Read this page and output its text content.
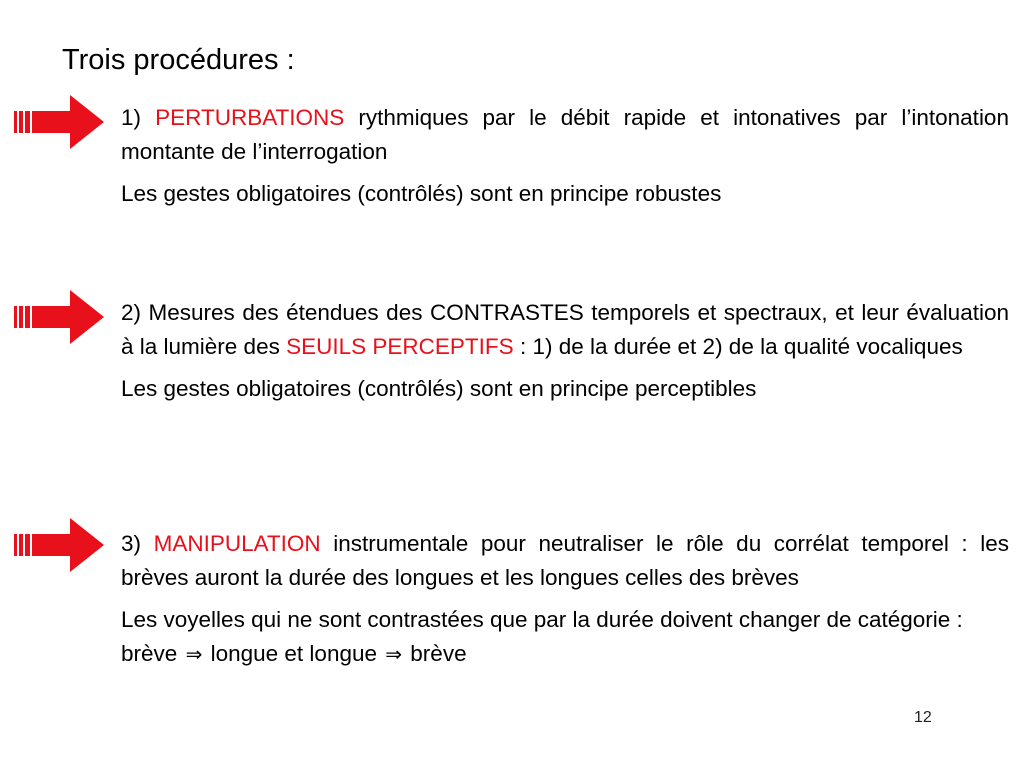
Trois procédures :

1) PERTURBATIONS rythmiques par le débit rapide et intonatives par l’intonation montante de l’interrogation

Les gestes obligatoires (contrôlés) sont en principe robustes

2) Mesures des étendues des CONTRASTES temporels et spectraux, et leur évaluation à la lumière des SEUILS PERCEPTIFS : 1) de la durée et 2) de la qualité vocaliques

Les gestes obligatoires (contrôlés) sont en principe perceptibles

3) MANIPULATION instrumentale pour neutraliser le rôle du corrélat temporel : les brèves auront la durée des longues et les longues celles des brèves

Les voyelles qui ne sont contrastées que par la durée doivent changer de catégorie : brève ⇒ longue et longue ⇒ brève

12
